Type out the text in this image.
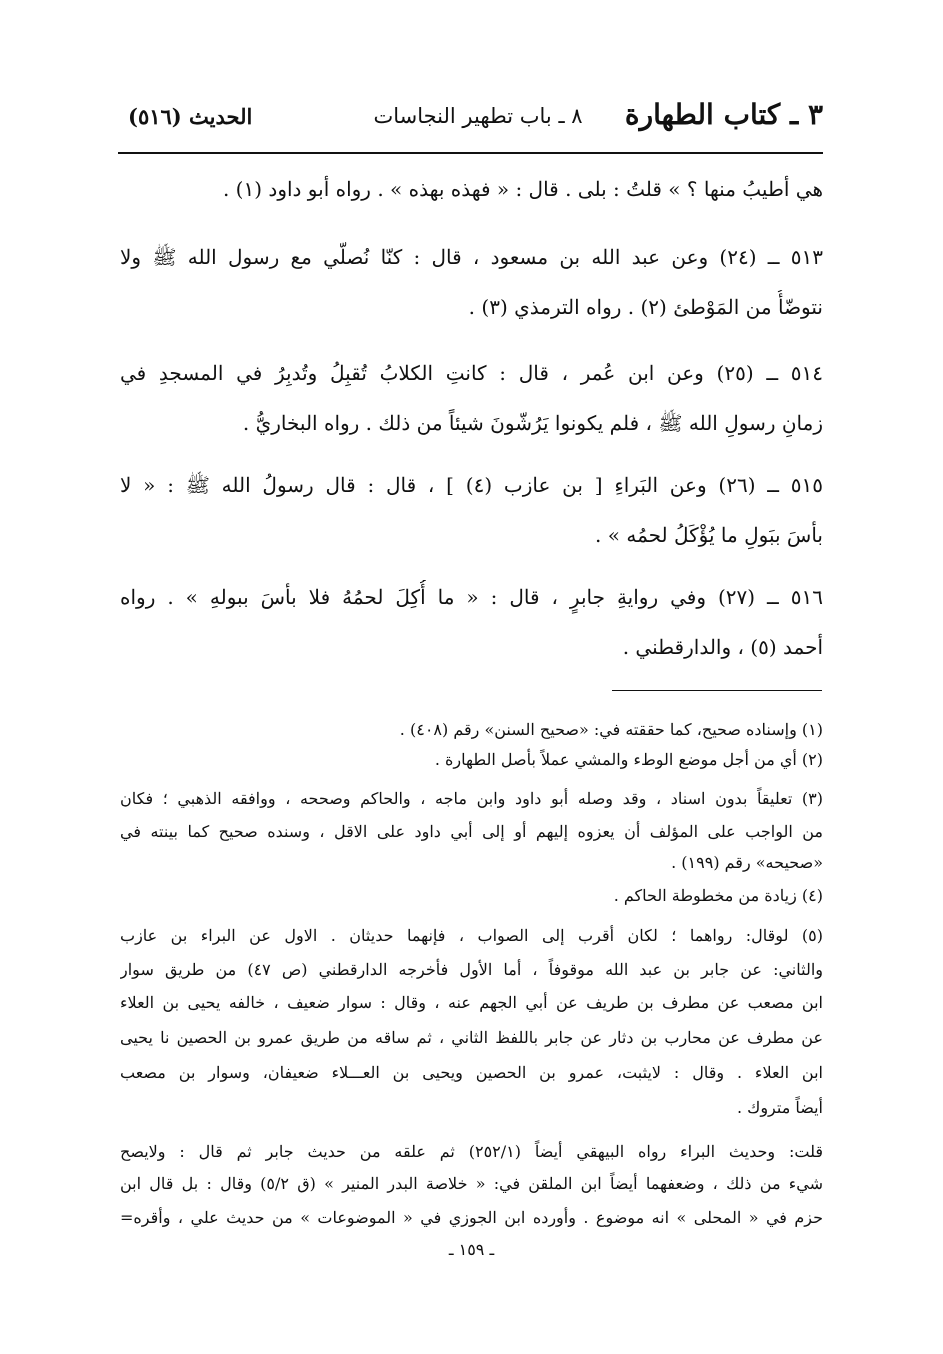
٣ ـ كتاب الطهارة
٨ ـ باب تطهير النجاسات
الحديث (٥١٦)
هي أطيبُ منها ؟ » قلتُ : بلى . قال : « فهذه بهذه » . رواه أبو داود (١) .
٥١٣ ــ (٢٤) وعن عبد الله بن مسعود ، قال : كنّا نُصلّي مع رسول الله ﷺ ولا
نتوضّأُ من المَوْطئ (٢) . رواه الترمذي (٣) .
٥١٤ ــ (٢٥) وعن ابن عُمر ، قال : كانتِ الكلابُ تُقبِلُ وتُدبِرُ في المسجدِ في
زمانِ رسولِ الله ﷺ ، فلم يكونوا يَرُشّونَ شيئاً من ذلك . رواه البخاريُّ .
٥١٥ ــ (٢٦) وعن البَراءِ [ بن عازب (٤) ] ، قال : قال رسولُ الله ﷺ : « لا
بأسَ ببَولِ ما يُؤْكَلُ لحمُه » .
٥١٦ ــ (٢٧) وفي روايةِ جابرٍ ، قال : « ما أُكِلَ لحمُهُ فلا بأسَ ببولهِ » . رواه
أحمد (٥) ، والدارقطني .
(١) وإسناده صحيح، كما حققته في: «صحيح السنن» رقم (٤٠٨) .
(٢) أي من أجل موضع الوطء والمشي عملاً بأصل الطهارة .
(٣) تعليقاً بدون اسناد ، وقد وصله أبو داود وابن ماجه ، والحاكم وصححه ، ووافقه الذهبي ؛ فكان
من الواجب على المؤلف أن يعزوه إليهم أو إلى أبي داود على الاقل ، وسنده صحيح كما بينته في
«صحيحه» رقم (١٩٩) .
(٤) زيادة من مخطوطة الحاكم .
(٥) لوقال: رواهما ؛ لكان أقرب إلى الصواب ، فإنهما حديثان . الاول عن البراء بن عازب
والثاني: عن جابر بن عبد الله موقوفاً ، أما الأول فأخرجه الدارقطني (ص ٤٧) من طريق سوار
ابن مصعب عن مطرف بن طريف عن أبي الجهم عنه ، وقال : سوار ضعيف ، خالفه يحيى بن العلاء
عن مطرف عن محارب بن دثار عن جابر باللفظ الثاني ، ثم ساقه من طريق عمرو بن الحصين نا يحيى
ابن العلاء . وقال : لايثبت، عمرو بن الحصين ويحيى بن العـــلاء ضعيفان، وسوار بن مصعب
أيضاً متروك .
قلت: وحديث البراء رواه البيهقي أيضاً (٢٥٢/١) ثم علقه من حديث جابر ثم قال : ولايصح
شيء من ذلك ، وضعفهما أيضاً ابن الملقن في: « خلاصة البدر المنير » (ق ٥/٢) وقال : بل قال ابن
حزم في « المحلى » انه موضوع . وأورده ابن الجوزي في « الموضوعات » من حديث علي ، وأقره=
ـ ١٥٩ ـ
